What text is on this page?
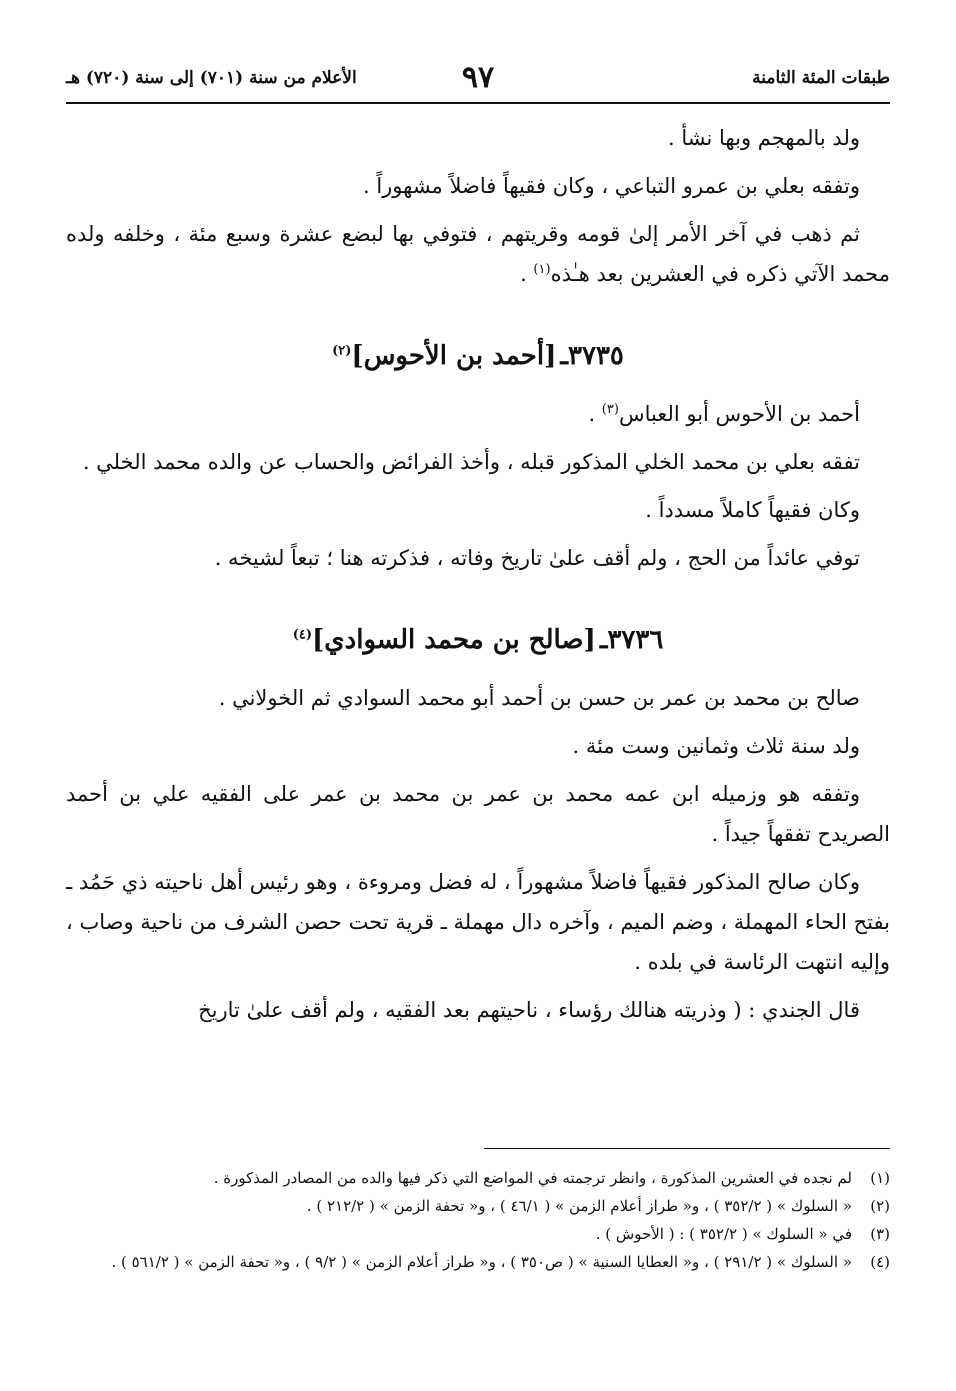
طبقات المئة الثامنة
٩٧
الأعلام من سنة (٧٠١) إلى سنة (٧٢٠) هـ

ولد بالمهجم وبها نشأ .

وتفقه بعلي بن عمرو التباعي ، وكان فقيهاً فاضلاً مشهوراً .

ثم ذهب في آخر الأمر إلىٰ قومه وقريتهم ، فتوفي بها لبضع عشرة وسبع مئة ، وخلفه ولده محمد الآتي ذكره في العشرين بعد هـٰذه$^{(١)}$ .

٣٧٣٥ـ[أحمد بن الأحوس]$^{(٢)}$

أحمد بن الأحوس أبو العباس$^{(٣)}$ .

تفقه بعلي بن محمد الخلي المذكور قبله ، وأخذ الفرائض والحساب عن والده محمد الخلي .

وكان فقيهاً كاملاً مسدداً .

توفي عائداً من الحج ، ولم أقف علىٰ تاريخ وفاته ، فذكرته هنا ؛ تبعاً لشيخه .

٣٧٣٦ـ[صالح بن محمد السوادي]$^{(٤)}$

صالح بن محمد بن عمر بن حسن بن أحمد أبو محمد السوادي ثم الخولاني .

ولد سنة ثلاث وثمانين وست مئة .

وتفقه هو وزميله ابن عمه محمد بن عمر بن محمد بن عمر على الفقيه علي بن أحمد الصريدح تفقهاً جيداً .

وكان صالح المذكور فقيهاً فاضلاً مشهوراً ، له فضل ومروءة ، وهو رئيس أهل ناحيته ذي حَمُد ـ بفتح الحاء المهملة ، وضم الميم ، وآخره دال مهملة ـ قرية تحت حصن الشرف من ناحية وصاب ، وإليه انتهت الرئاسة في بلده .

قال الجندي : ( وذريته هنالك رؤساء ، ناحيتهم بعد الفقيه ، ولم أقف علىٰ تاريخ

(١)
لم نجده في العشرين المذكورة ، وانظر ترجمته في المواضع التي ذكر فيها والده من المصادر المذكورة .
(٢)
« السلوك » ( ٣٥٢/٢ ) ، و« طراز أعلام الزمن » ( ٤٦/١ ) ، و« تحفة الزمن » ( ٢١٢/٢ ) .
(٣)
في « السلوك » ( ٣٥٢/٢ ) : ( الأحوش ) .
(٤)
« السلوك » ( ٢٩١/٢ ) ، و« العطايا السنية » ( ص٣٥٠ ) ، و« طراز أعلام الزمن » ( ٩/٢ ) ، و« تحفة الزمن » ( ٥٦١/٢ ) .
